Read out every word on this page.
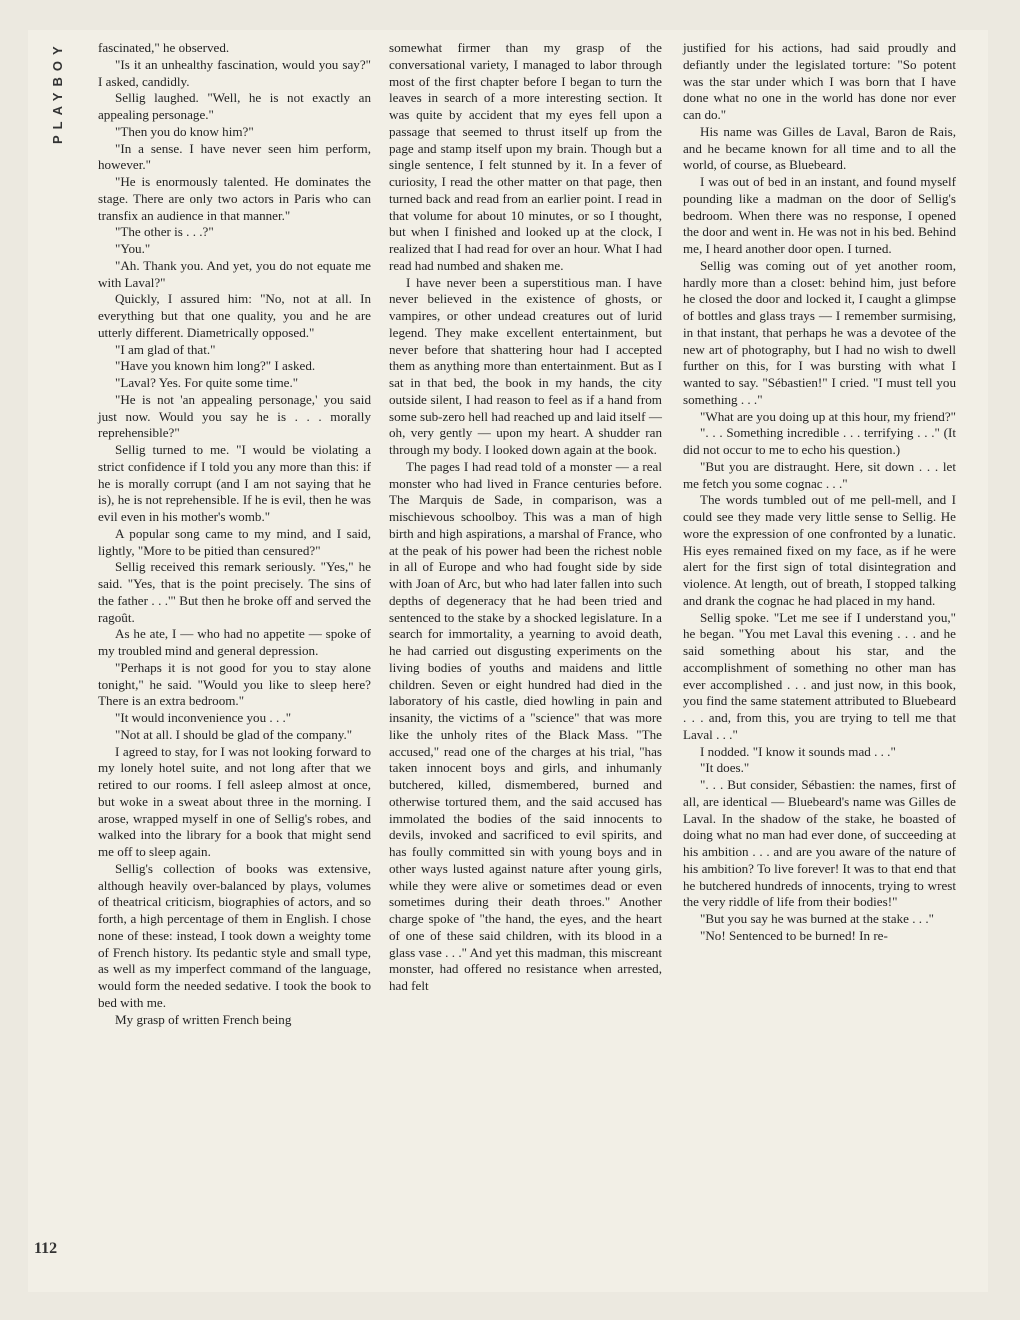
PLAYBOY	fascinated," he observed.

"Is it an unhealthy fascination, would you say?" I asked, candidly.

Sellig laughed. "Well, he is not exactly an appealing personage."

"Then you do know him?"

"In a sense. I have never seen him perform, however."

"He is enormously talented. He dominates the stage. There are only two actors in Paris who can transfix an audience in that manner."

"The other is . . .?"

"You."

"Ah. Thank you. And yet, you do not equate me with Laval?"

Quickly, I assured him: "No, not at all. In everything but that one quality, you and he are utterly different. Diametrically opposed."

"I am glad of that."

"Have you known him long?" I asked.

"Laval? Yes. For quite some time."

"He is not 'an appealing personage,' you said just now. Would you say he is . . . morally reprehensible?"

Sellig turned to me. "I would be violating a strict confidence if I told you any more than this: if he is morally corrupt (and I am not saying that he is), he is not reprehensible. If he is evil, then he was evil even in his mother's womb."

A popular song came to my mind, and I said, lightly, "More to be pitied than censured?"

Sellig received this remark seriously. "Yes," he said. "Yes, that is the point precisely. The sins of the father . . .'" But then he broke off and served the ragoût.

As he ate, I — who had no appetite — spoke of my troubled mind and general depression.

"Perhaps it is not good for you to stay alone tonight," he said. "Would you like to sleep here? There is an extra bedroom."

"It would inconvenience you . . ."

"Not at all. I should be glad of the company."

I agreed to stay, for I was not looking forward to my lonely hotel suite, and not long after that we retired to our rooms. I fell asleep almost at once, but woke in a sweat about three in the morning. I arose, wrapped myself in one of Sellig's robes, and walked into the library for a book that might send me off to sleep again.

Sellig's collection of books was extensive, although heavily over-balanced by plays, volumes of theatrical criticism, biographies of actors, and so forth, a high percentage of them in English. I chose none of these: instead, I took down a weighty tome of French history. Its pedantic style and small type, as well as my imperfect command of the language, would form the needed sedative. I took the book to bed with me.

My grasp of written French being

somewhat firmer than my grasp of the conversational variety, I managed to labor through most of the first chapter before I began to turn the leaves in search of a more interesting section. It was quite by accident that my eyes fell upon a passage that seemed to thrust itself up from the page and stamp itself upon my brain. Though but a single sentence, I felt stunned by it. In a fever of curiosity, I read the other matter on that page, then turned back and read from an earlier point. I read in that volume for about 10 minutes, or so I thought, but when I finished and looked up at the clock, I realized that I had read for over an hour. What I had read had numbed and shaken me.

I have never been a superstitious man. I have never believed in the existence of ghosts, or vampires, or other undead creatures out of lurid legend. They make excellent entertainment, but never before that shattering hour had I accepted them as anything more than entertainment. But as I sat in that bed, the book in my hands, the city outside silent, I had reason to feel as if a hand from some sub-zero hell had reached up and laid itself — oh, very gently — upon my heart. A shudder ran through my body. I looked down again at the book.

The pages I had read told of a monster — a real monster who had lived in France centuries before. The Marquis de Sade, in comparison, was a mischievous schoolboy. This was a man of high birth and high aspirations, a marshal of France, who at the peak of his power had been the richest noble in all of Europe and who had fought side by side with Joan of Arc, but who had later fallen into such depths of degeneracy that he had been tried and sentenced to the stake by a shocked legislature. In a search for immortality, a yearning to avoid death, he had carried out disgusting experiments on the living bodies of youths and maidens and little children. Seven or eight hundred had died in the laboratory of his castle, died howling in pain and insanity, the victims of a "science" that was more like the unholy rites of the Black Mass. "The accused," read one of the charges at his trial, "has taken innocent boys and girls, and inhumanly butchered, killed, dismembered, burned and otherwise tortured them, and the said accused has immolated the bodies of the said innocents to devils, invoked and sacrificed to evil spirits, and has foully committed sin with young boys and in other ways lusted against nature after young girls, while they were alive or sometimes dead or even sometimes during their death throes." Another charge spoke of "the hand, the eyes, and the heart of one of these said children, with its blood in a glass vase . . ." And yet this madman, this miscreant monster, had offered no resistance when arrested, had felt

justified for his actions, had said proudly and defiantly under the legislated torture: "So potent was the star under which I was born that I have done what no one in the world has done nor ever can do."

His name was Gilles de Laval, Baron de Rais, and he became known for all time and to all the world, of course, as Bluebeard.

I was out of bed in an instant, and found myself pounding like a madman on the door of Sellig's bedroom. When there was no response, I opened the door and went in. He was not in his bed. Behind me, I heard another door open. I turned.

Sellig was coming out of yet another room, hardly more than a closet: behind him, just before he closed the door and locked it, I caught a glimpse of bottles and glass trays — I remember surmising, in that instant, that perhaps he was a devotee of the new art of photography, but I had no wish to dwell further on this, for I was bursting with what I wanted to say. "Sébastien!" I cried. "I must tell you something . . ."

"What are you doing up at this hour, my friend?"

". . . Something incredible . . . terrifying . . ." (It did not occur to me to echo his question.)

"But you are distraught. Here, sit down . . . let me fetch you some cognac . . ."

The words tumbled out of me pell-mell, and I could see they made very little sense to Sellig. He wore the expression of one confronted by a lunatic. His eyes remained fixed on my face, as if he were alert for the first sign of total disintegration and violence. At length, out of breath, I stopped talking and drank the cognac he had placed in my hand.

Sellig spoke. "Let me see if I understand you," he began. "You met Laval this evening . . . and he said something about his star, and the accomplishment of something no other man has ever accomplished . . . and just now, in this book, you find the same statement attributed to Bluebeard . . . and, from this, you are trying to tell me that Laval . . ."

I nodded. "I know it sounds mad . . ."

"It does."

". . . But consider, Sébastien: the names, first of all, are identical — Bluebeard's name was Gilles de Laval. In the shadow of the stake, he boasted of doing what no man had ever done, of succeeding at his ambition . . . and are you aware of the nature of his ambition? To live forever! It was to that end that he butchered hundreds of innocents, trying to wrest the very riddle of life from their bodies!"

"But you say he was burned at the stake . . ."

"No! Sentenced to be burned! In re-

112
